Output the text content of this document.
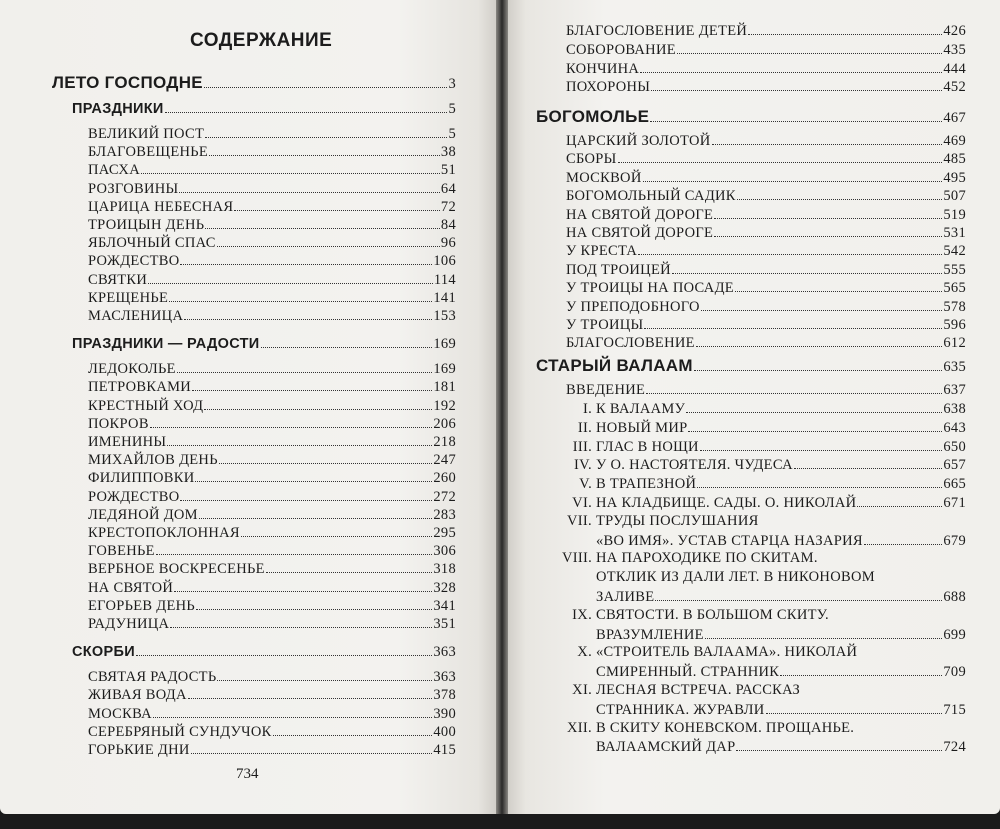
СОДЕРЖАНИЕ
ЛЕТО ГОСПОДНЕ	3
ПРАЗДНИКИ	5
ВЕЛИКИЙ ПОСТ	5
БЛАГОВЕЩЕНЬЕ	38
ПАСХА	51
РОЗГОВИНЫ	64
ЦАРИЦА НЕБЕСНАЯ	72
ТРОИЦЫН ДЕНЬ	84
ЯБЛОЧНЫЙ СПАС	96
РОЖДЕСТВО	106
СВЯТКИ	114
КРЕЩЕНЬЕ	141
МАСЛЕНИЦА	153
ПРАЗДНИКИ — РАДОСТИ	169
ЛЕДОКОЛЬЕ	169
ПЕТРОВКАМИ	181
КРЕСТНЫЙ ХОД	192
ПОКРОВ	206
ИМЕНИНЫ	218
МИХАЙЛОВ ДЕНЬ	247
ФИЛИППОВКИ	260
РОЖДЕСТВО	272
ЛЕДЯНОЙ ДОМ	283
КРЕСТОПОКЛОННАЯ	295
ГОВЕНЬЕ	306
ВЕРБНОЕ ВОСКРЕСЕНЬЕ	318
НА СВЯТОЙ	328
ЕГОРЬЕВ ДЕНЬ	341
РАДУНИЦА	351
СКОРБИ	363
СВЯТАЯ РАДОСТЬ	363
ЖИВАЯ ВОДА	378
МОСКВА	390
СЕРЕБРЯНЫЙ СУНДУЧОК	400
ГОРЬКИЕ ДНИ	415
734
БЛАГОСЛОВЕНИЕ ДЕТЕЙ	426
СОБОРОВАНИЕ	435
КОНЧИНА	444
ПОХОРОНЫ	452
БОГОМОЛЬЕ	467
ЦАРСКИЙ ЗОЛОТОЙ	469
СБОРЫ	485
МОСКВОЙ	495
БОГОМОЛЬНЫЙ САДИК	507
НА СВЯТОЙ ДОРОГЕ	519
НА СВЯТОЙ ДОРОГЕ	531
У КРЕСТА	542
ПОД ТРОИЦЕЙ	555
У ТРОИЦЫ НА ПОСАДЕ	565
У ПРЕПОДОБНОГО	578
У ТРОИЦЫ	596
БЛАГОСЛОВЕНИЕ	612
СТАРЫЙ ВАЛААМ	635
ВВЕДЕНИЕ	637
I. К ВАЛААМУ	638
II. НОВЫЙ МИР	643
III. ГЛАС В НОЩИ	650
IV. У О. НАСТОЯТЕЛЯ. ЧУДЕСА	657
V. В ТРАПЕЗНОЙ	665
VI. НА КЛАДБИЩЕ. САДЫ. О. НИКОЛАЙ	671
VII. ТРУДЫ ПОСЛУШАНИЯ
«ВО ИМЯ». УСТАВ СТАРЦА НАЗАРИЯ	679
VIII. НА ПАРОХОДИКЕ ПО СКИТАМ.
ОТКЛИК ИЗ ДАЛИ ЛЕТ. В НИКОНОВОМ
ЗАЛИВЕ	688
IX. СВЯТОСТИ. В БОЛЬШОМ СКИТУ.
ВРАЗУМЛЕНИЕ	699
X. «СТРОИТЕЛЬ ВАЛААМА». НИКОЛАЙ
СМИРЕННЫЙ. СТРАННИК	709
XI. ЛЕСНАЯ ВСТРЕЧА. РАССКАЗ
СТРАННИКА. ЖУРАВЛИ	715
XII. В СКИТУ КОНЕВСКОМ. ПРОЩАНЬЕ.
ВАЛААМСКИЙ ДАР	724
